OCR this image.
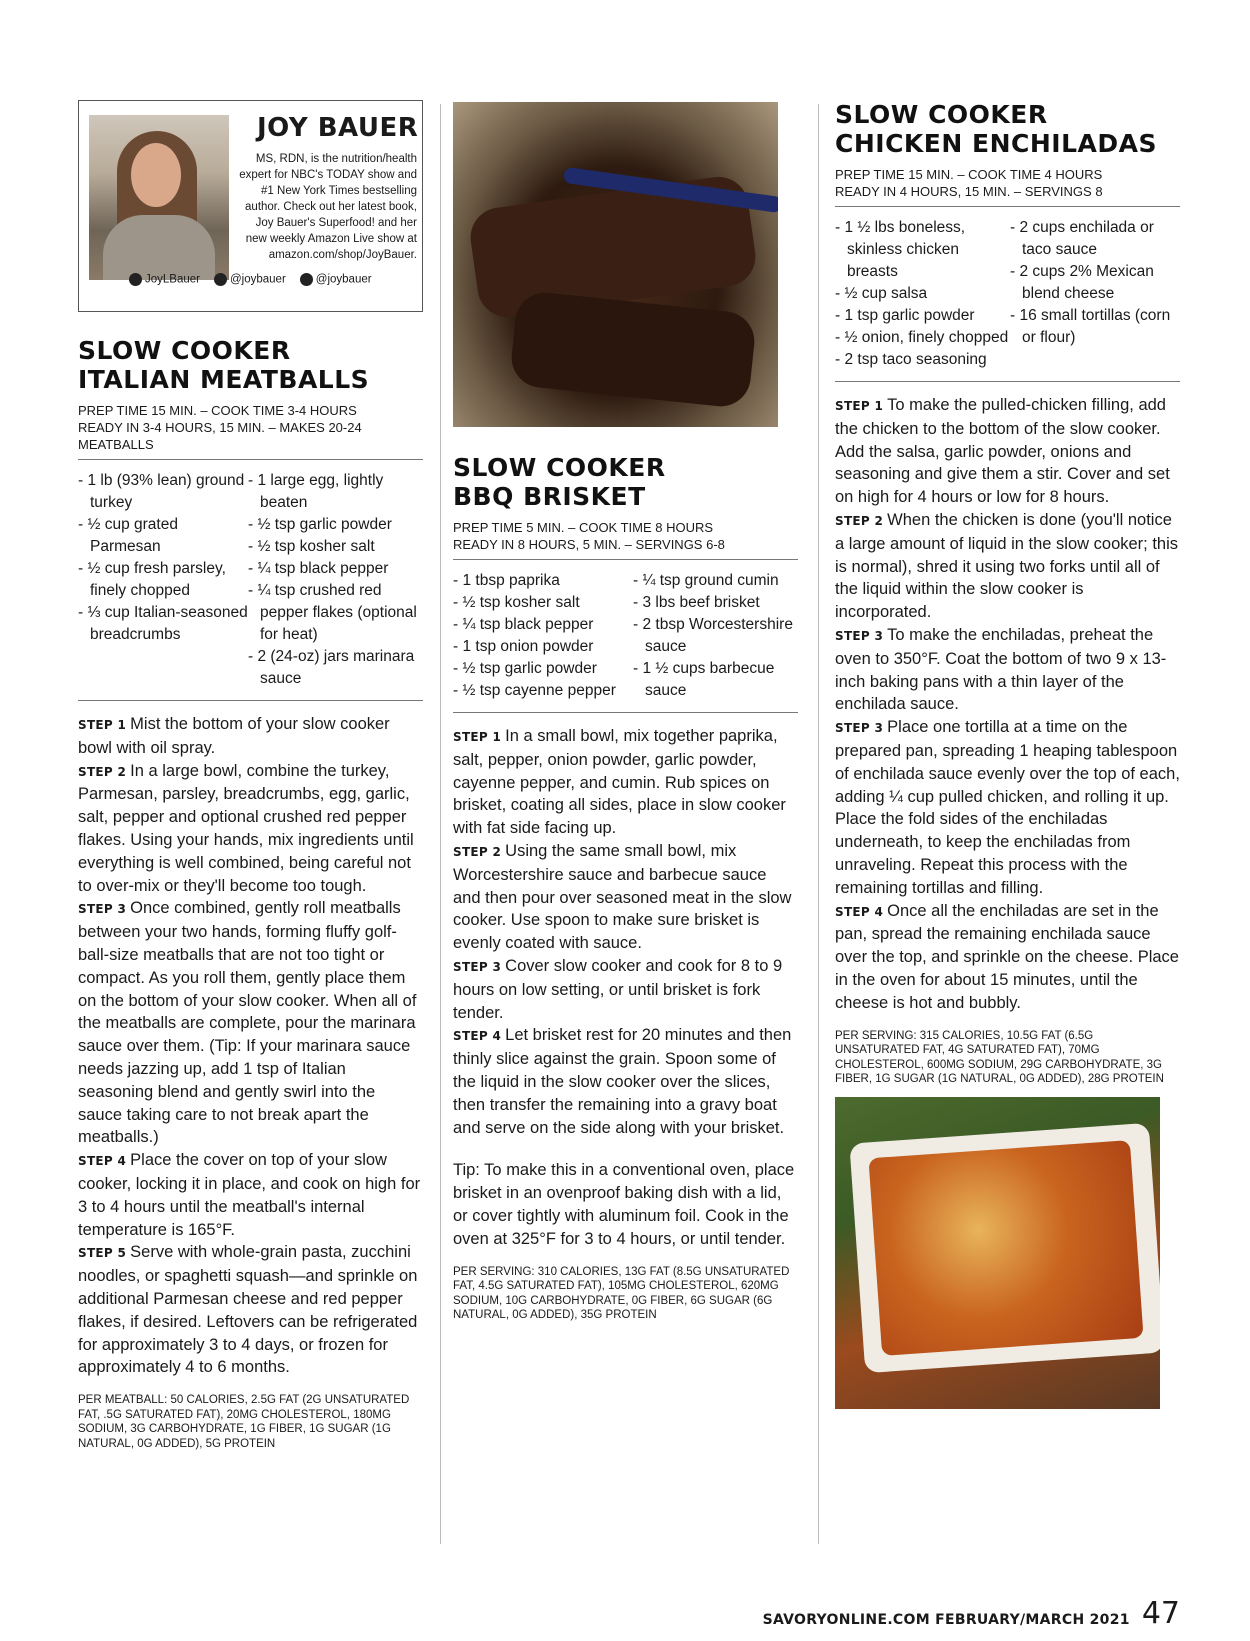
JOY BAUER
MS, RDN, is the nutrition/health expert for NBC's TODAY show and #1 New York Times bestselling author. Check out her latest book, Joy Bauer's Superfood! and her new weekly Amazon Live show at amazon.com/shop/JoyBauer.
JoyLBauer	@joybauer	@joybauer
SLOW COOKER
ITALIAN MEATBALLS
PREP TIME 15 MIN. – COOK TIME 3-4 HOURS
READY IN 3-4 HOURS, 15 MIN. – MAKES 20-24 MEATBALLS
- 1 lb (93% lean) ground turkey
- ½ cup grated Parmesan
- ½ cup fresh parsley, finely chopped
- ⅓ cup Italian-seasoned breadcrumbs
- 1 large egg, lightly beaten
- ½ tsp garlic powder
- ½ tsp kosher salt
- ¼ tsp black pepper
- ¼ tsp crushed red pepper flakes (optional for heat)
- 2 (24-oz) jars marinara sauce

STEP 1 Mist the bottom of your slow cooker bowl with oil spray.

STEP 2 In a large bowl, combine the turkey, Parmesan, parsley, breadcrumbs, egg, garlic, salt, pepper and optional crushed red pepper flakes. Using your hands, mix ingredients until everything is well combined, being careful not to over-mix or they'll become too tough.

STEP 3 Once combined, gently roll meatballs between your two hands, forming fluffy golf-ball-size meatballs that are not too tight or compact. As you roll them, gently place them on the bottom of your slow cooker. When all of the meatballs are complete, pour the marinara sauce over them. (Tip: If your marinara sauce needs jazzing up, add 1 tsp of Italian seasoning blend and gently swirl into the sauce taking care to not break apart the meatballs.)

STEP 4 Place the cover on top of your slow cooker, locking it in place, and cook on high for 3 to 4 hours until the meatball's internal temperature is 165°F.

STEP 5 Serve with whole-grain pasta, zucchini noodles, or spaghetti squash—and sprinkle on additional Parmesan cheese and red pepper flakes, if desired. Leftovers can be refrigerated for approximately 3 to 4 days, or frozen for approximately 4 to 6 months.

PER MEATBALL: 50 CALORIES, 2.5G FAT (2G UNSATURATED FAT, .5G SATURATED FAT), 20MG CHOLESTEROL, 180MG SODIUM, 3G CARBOHYDRATE, 1G FIBER, 1G SUGAR (1G NATURAL, 0G ADDED), 5G PROTEIN
SLOW COOKER
BBQ BRISKET
PREP TIME 5 MIN. – COOK TIME 8 HOURS
READY IN 8 HOURS, 5 MIN. – SERVINGS 6-8
- 1 tbsp paprika
- ½ tsp kosher salt
- ¼ tsp black pepper
- 1 tsp onion powder
- ½ tsp garlic powder
- ½ tsp cayenne pepper
- ¼ tsp ground cumin
- 3 lbs beef brisket
- 2 tbsp Worcestershire sauce
- 1 ½ cups barbecue sauce

STEP 1 In a small bowl, mix together paprika, salt, pepper, onion powder, garlic powder, cayenne pepper, and cumin. Rub spices on brisket, coating all sides, place in slow cooker with fat side facing up.

STEP 2 Using the same small bowl, mix Worcestershire sauce and barbecue sauce and then pour over seasoned meat in the slow cooker. Use spoon to make sure brisket is evenly coated with sauce.

STEP 3 Cover slow cooker and cook for 8 to 9 hours on low setting, or until brisket is fork tender.

STEP 4 Let brisket rest for 20 minutes and then thinly slice against the grain. Spoon some of the liquid in the slow cooker over the slices, then transfer the remaining into a gravy boat and serve on the side along with your brisket.

Tip: To make this in a conventional oven, place brisket in an ovenproof baking dish with a lid, or cover tightly with aluminum foil. Cook in the oven at 325°F for 3 to 4 hours, or until tender.

PER SERVING: 310 CALORIES, 13G FAT (8.5G UNSATURATED FAT, 4.5G SATURATED FAT), 105MG CHOLESTEROL, 620MG SODIUM, 10G CARBOHYDRATE, 0G FIBER, 6G SUGAR (6G NATURAL, 0G ADDED), 35G PROTEIN
SLOW COOKER
CHICKEN ENCHILADAS
PREP TIME 15 MIN. – COOK TIME 4 HOURS
READY IN 4 HOURS, 15 MIN. – SERVINGS 8
- 1 ½ lbs boneless, skinless chicken breasts
- ½ cup salsa
- 1 tsp garlic powder
- ½ onion, finely chopped
- 2 tsp taco seasoning
- 2 cups enchilada or taco sauce
- 2 cups 2% Mexican blend cheese
- 16 small tortillas (corn or flour)

STEP 1 To make the pulled-chicken filling, add the chicken to the bottom of the slow cooker. Add the salsa, garlic powder, onions and seasoning and give them a stir. Cover and set on high for 4 hours or low for 8 hours.

STEP 2 When the chicken is done (you'll notice a large amount of liquid in the slow cooker; this is normal), shred it using two forks until all of the liquid within the slow cooker is incorporated.

STEP 3 To make the enchiladas, preheat the oven to 350°F. Coat the bottom of two 9 x 13-inch baking pans with a thin layer of the enchilada sauce.

STEP 3 Place one tortilla at a time on the prepared pan, spreading 1 heaping tablespoon of enchilada sauce evenly over the top of each, adding ¼ cup pulled chicken, and rolling it up. Place the fold sides of the enchiladas underneath, to keep the enchiladas from unraveling. Repeat this process with the remaining tortillas and filling.

STEP 4 Once all the enchiladas are set in the pan, spread the remaining enchilada sauce over the top, and sprinkle on the cheese. Place in the oven for about 15 minutes, until the cheese is hot and bubbly.

PER SERVING: 315 CALORIES, 10.5G FAT (6.5G UNSATURATED FAT, 4G SATURATED FAT), 70MG CHOLESTEROL, 600MG SODIUM, 29G CARBOHYDRATE, 3G FIBER, 1G SUGAR (1G NATURAL, 0G ADDED), 28G PROTEIN
SAVORYONLINE.COM FEBRUARY/MARCH 2021 47
